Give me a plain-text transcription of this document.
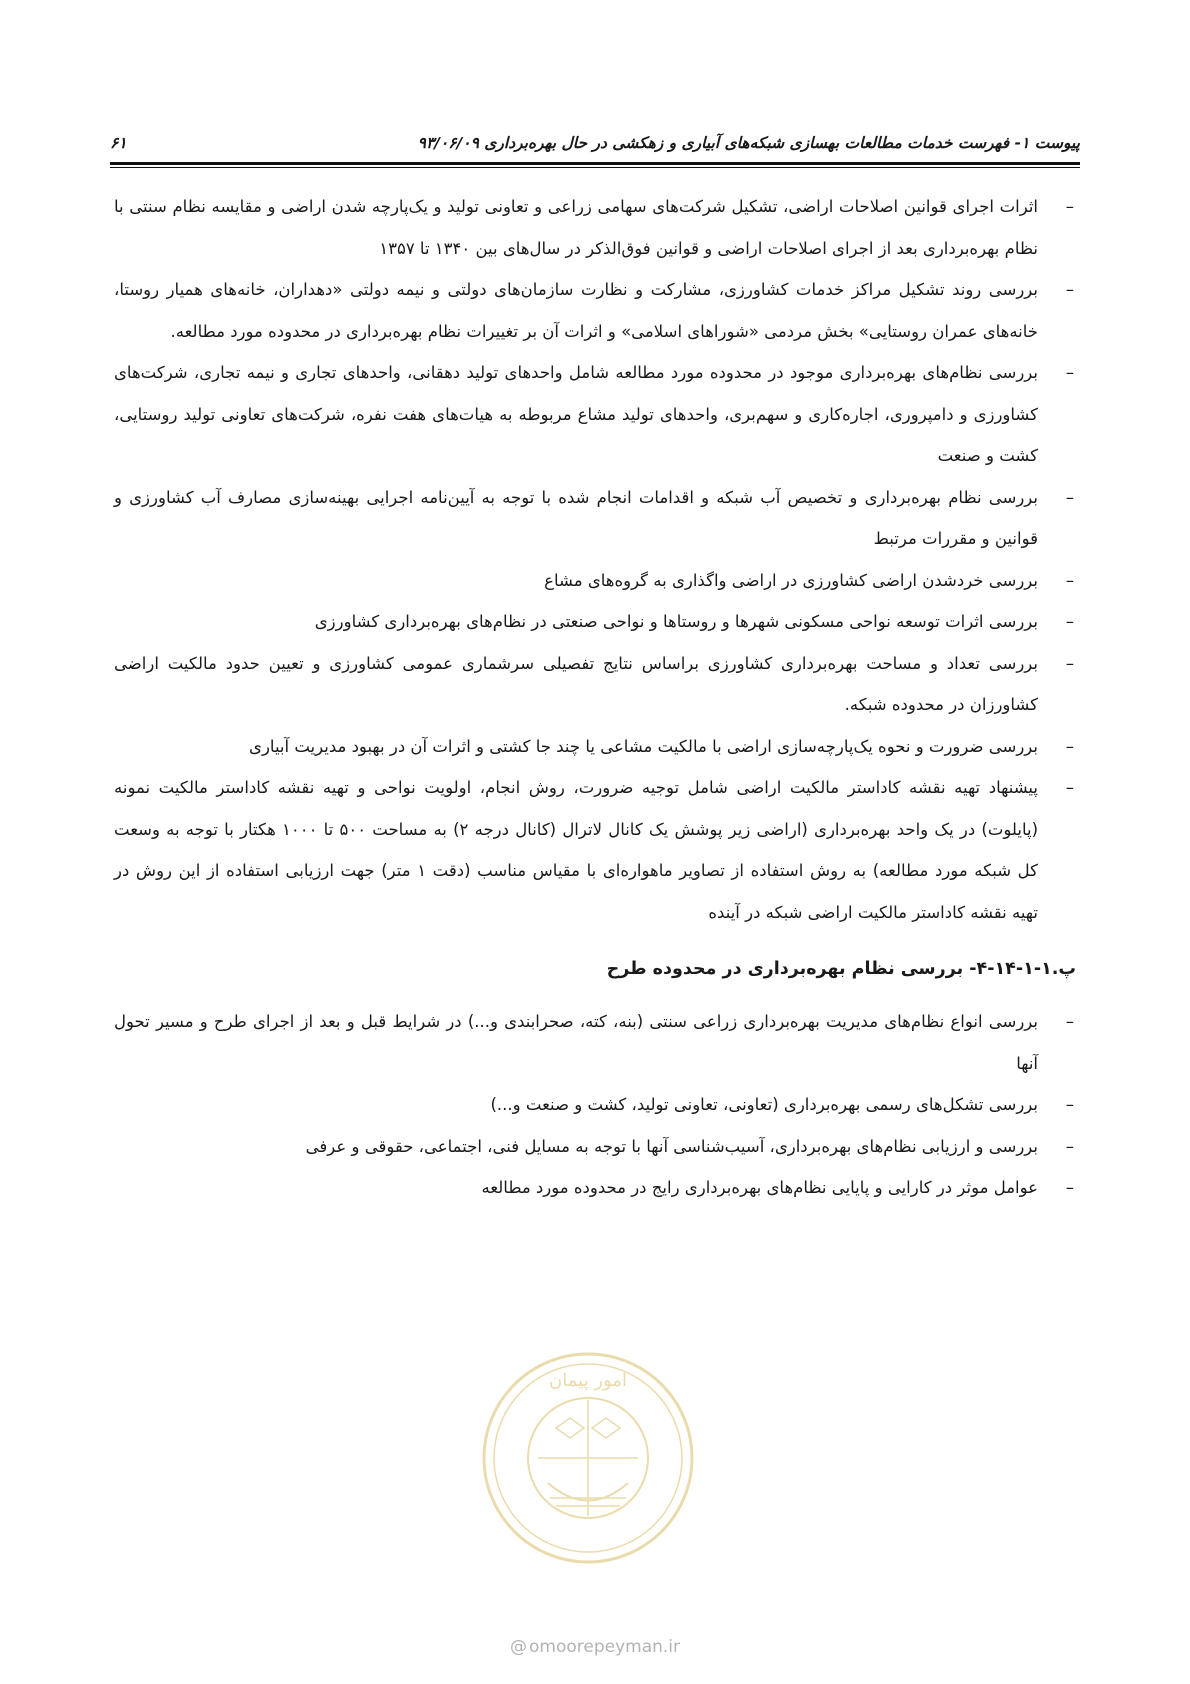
پیوست ۱- فهرست خدمات مطالعات بهسازی شبکه‌های آبیاری و زهکشی در حال بهره‌برداری ۹۳/۰۶/۰۹
۶۱
–
اثرات اجرای قوانین اصلاحات اراضی، تشکیل شرکت‌های سهامی زراعی و تعاونی تولید و یک‌پارچه شدن اراضی و مقایسه نظام سنتی با نظام بهره‌برداری بعد از اجرای اصلاحات اراضی و قوانین فوق‌الذکر در سال‌های بین ۱۳۴۰ تا ۱۳۵۷
–
بررسی روند تشکیل مراکز خدمات کشاورزی، مشارکت و نظارت سازمان‌های دولتی و نیمه دولتی «دهداران، خانه‌های همیار روستا، خانه‌های عمران روستایی» بخش مردمی «شوراهای اسلامی» و اثرات آن بر تغییرات نظام بهره‌برداری در محدوده مورد مطالعه.
–
بررسی نظام‌های بهره‌برداری موجود در محدوده مورد مطالعه شامل واحدهای تولید دهقانی، واحدهای تجاری و نیمه تجاری، شرکت‌های کشاورزی و دامپروری، اجاره‌کاری و سهم‌بری، واحدهای تولید مشاع مربوطه به هیات‌های هفت نفره، شرکت‌های تعاونی تولید روستایی، کشت و صنعت
–
بررسی نظام بهره‌برداری و تخصیص آب شبکه و اقدامات انجام شده با توجه به آیین‌نامه اجرایی بهینه‌سازی مصارف آب کشاورزی و قوانین و مقررات مرتبط
–
بررسی خردشدن اراضی کشاورزی در اراضی واگذاری به گروه‌های مشاع
–
بررسی اثرات توسعه نواحی مسکونی شهرها و روستاها و نواحی صنعتی در نظام‌های بهره‌برداری کشاورزی
–
بررسی تعداد و مساحت بهره‌برداری کشاورزی براساس نتایج تفصیلی سرشماری عمومی کشاورزی و تعیین حدود مالکیت اراضی کشاورزان در محدوده شبکه.
–
بررسی ضرورت و نحوه یک‌پارچه‌سازی اراضی با مالکیت مشاعی یا چند جا کشتی و اثرات آن در بهبود مدیریت آبیاری
–
پیشنهاد تهیه نقشه کاداستر مالکیت اراضی شامل توجیه ضرورت، روش انجام، اولویت نواحی و تهیه نقشه کاداستر مالکیت نمونه (پایلوت) در یک واحد بهره‌برداری (اراضی زیر پوشش یک کانال لاترال (کانال درجه ۲) به مساحت ۵۰۰ تا ۱۰۰۰ هکتار با توجه به وسعت کل شبکه مورد مطالعه) به روش استفاده از تصاویر ماهواره‌ای با مقیاس مناسب (دقت ۱ متر) جهت ارزیابی استفاده از این روش در تهیه نقشه کاداستر مالکیت اراضی شبکه در آینده
پ.۱-۱-۱۴-۴- بررسی نظام بهره‌برداری در محدوده طرح
–
بررسی انواع نظام‌های مدیریت بهره‌برداری زراعی سنتی (بنه، کته، صحرابندی و...) در شرایط قبل و بعد از اجرای طرح و مسیر تحول آنها
–
بررسی تشکل‌های رسمی بهره‌برداری (تعاونی، تعاونی تولید، کشت و صنعت و...)
–
بررسی و ارزیابی نظام‌های بهره‌برداری، آسیب‌شناسی آنها با توجه به مسایل فنی، اجتماعی، حقوقی و عرفی
–
عوامل موثر در کارایی و پایایی نظام‌های بهره‌برداری رایج در محدوده مورد مطالعه
امور پیمان
@ omoorepeyman.ir
